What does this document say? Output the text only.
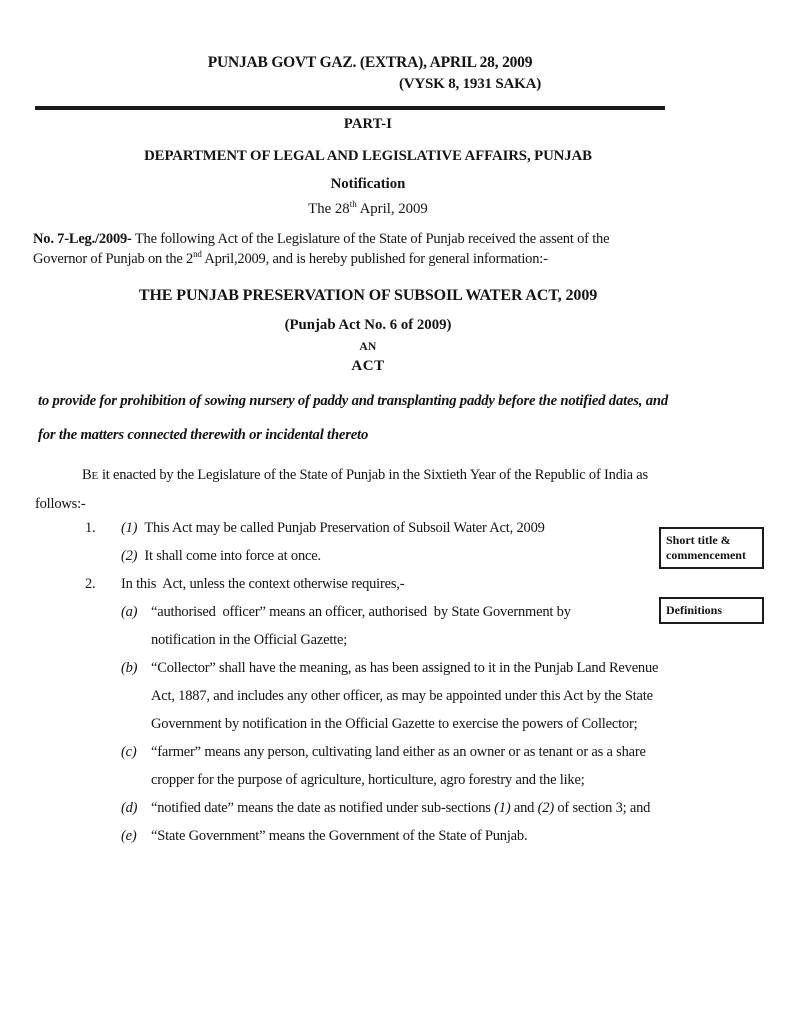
PUNJAB GOVT GAZ. (EXTRA), APRIL 28, 2009
(VYSK 8, 1931 SAKA)
PART-I
DEPARTMENT OF LEGAL AND LEGISLATIVE AFFAIRS, PUNJAB
Notification
The 28th April, 2009
No. 7-Leg./2009- The following Act of the Legislature of the State of Punjab received the assent of the
Governor of Punjab on the 2nd April,2009, and is hereby published for general information:-
THE PUNJAB PRESERVATION OF SUBSOIL WATER ACT, 2009
(Punjab Act No. 6 of 2009)
AN
ACT
to provide for prohibition of sowing nursery of paddy and transplanting paddy before the notified dates, and
for the matters connected therewith or incidental thereto
BE it enacted by the Legislature of the State of Punjab in the Sixtieth Year of the Republic of India as
follows:-
1.	(1) This Act may be called Punjab Preservation of Subsoil Water Act, 2009
(2) It shall come into force at once.
2.	In this  Act, unless the context otherwise requires,-
(a) “authorised  officer” means an officer, authorised  by State Government by
notification in the Official Gazette;
(b) “Collector” shall have the meaning, as has been assigned to it in the Punjab Land Revenue
Act, 1887, and includes any other officer, as may be appointed under this Act by the State
Government by notification in the Official Gazette to exercise the powers of Collector;
(c)	“farmer” means any person, cultivating land either as an owner or as tenant or as a share
cropper for the purpose of agriculture, horticulture, agro forestry and the like;
(d) “notified date” means the date as notified under sub-sections (1) and (2) of section 3; and
(e)	“State Government” means the Government of the State of Punjab.
Short title &
commencement
Definitions
